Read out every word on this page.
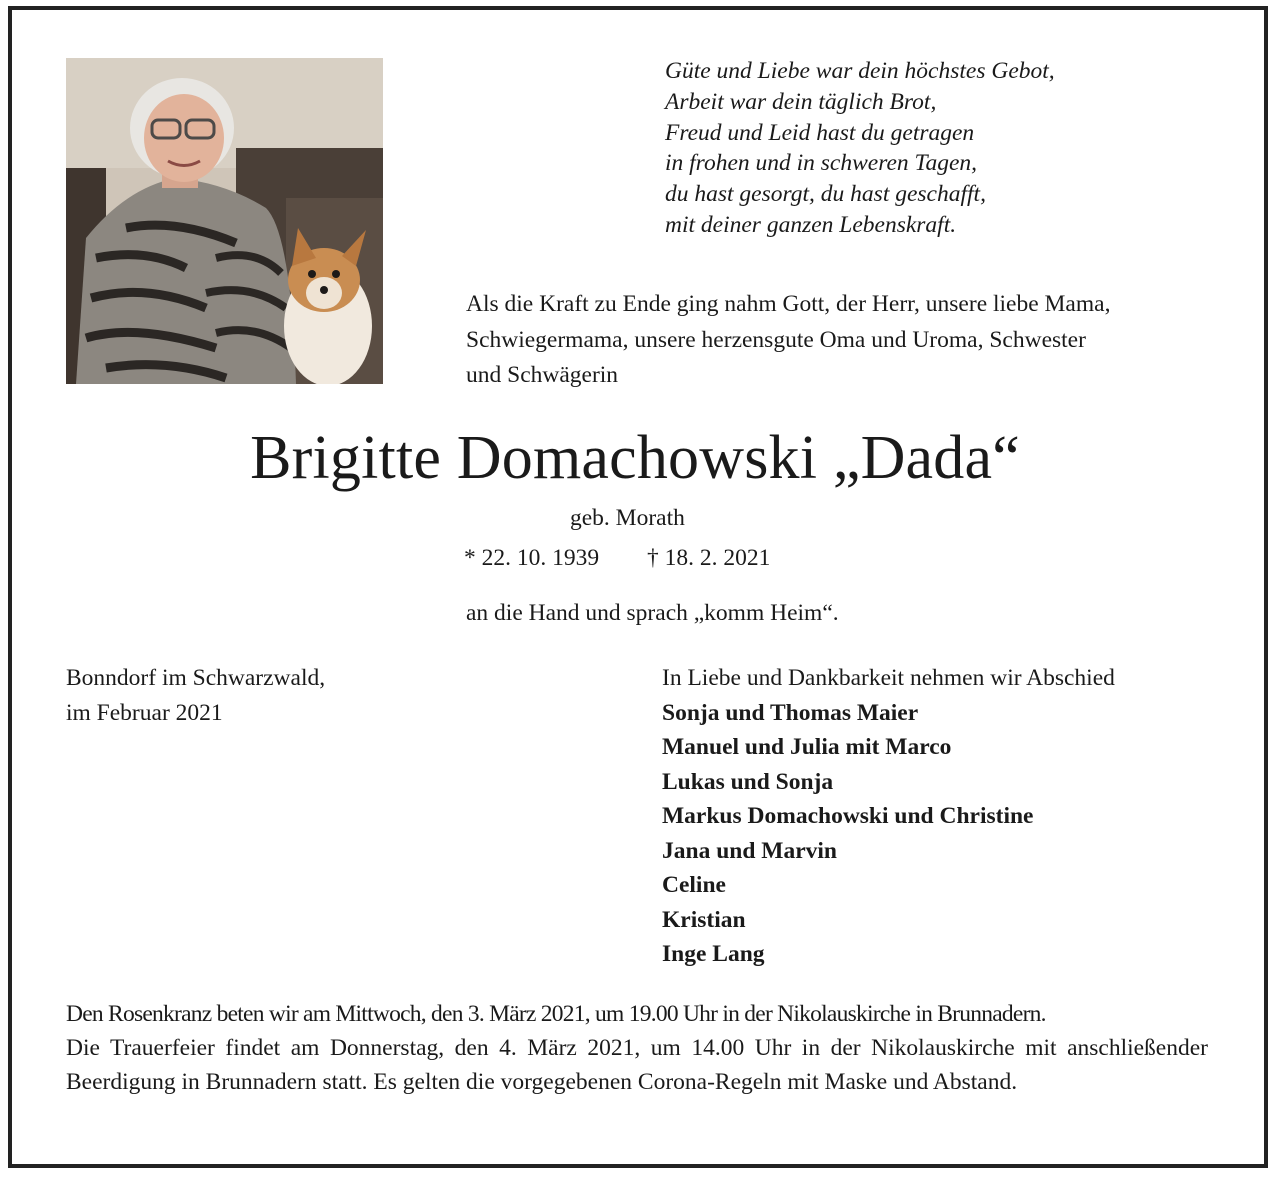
Güte und Liebe war dein höchstes Gebot,
Arbeit war dein täglich Brot,
Freud und Leid hast du getragen
in frohen und in schweren Tagen,
du hast gesorgt, du hast geschafft,
mit deiner ganzen Lebenskraft.
Als die Kraft zu Ende ging nahm Gott, der Herr, unsere liebe Mama,
Schwiegermama, unsere herzensgute Oma und Uroma, Schwester
und Schwägerin
Brigitte Domachowski „Dada“
geb. Morath
* 22. 10. 1939 † 18. 2. 2021
an die Hand und sprach „komm Heim“.
Bonndorf im Schwarzwald,
im Februar 2021
In Liebe und Dankbarkeit nehmen wir Abschied
Sonja und Thomas Maier
Manuel und Julia mit Marco
Lukas und Sonja
Markus Domachowski und Christine
Jana und Marvin
Celine
Kristian
Inge Lang
Den Rosenkranz beten wir am Mittwoch, den 3. März 2021, um 19.00 Uhr in der Nikolauskirche in Brunnadern.
Die Trauerfeier findet am Donnerstag, den 4. März 2021, um 14.00 Uhr in der Nikolauskirche mit anschließender Beerdigung in Brunnadern statt. Es gelten die vorgegebenen Corona-Regeln mit Maske und Abstand.
